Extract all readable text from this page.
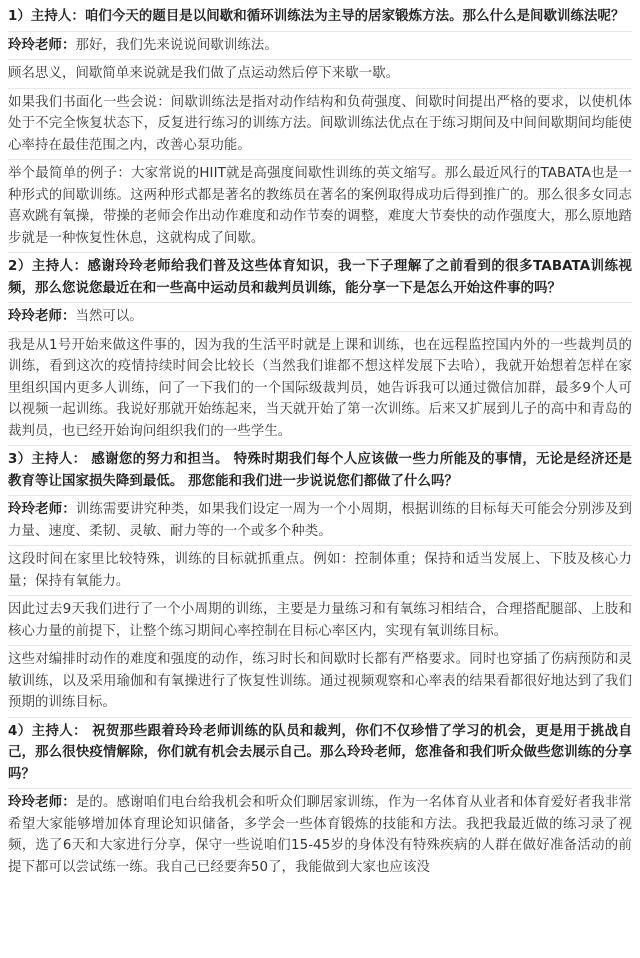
1）主持人：咱们今天的题目是以间歇和循环训练法为主导的居家锻炼方法。那么什么是间歇训练法呢？

玲玲老师：那好，我们先来说说间歇训练法。

顾名思义，间歇简单来说就是我们做了点运动然后停下来歇一歇。

如果我们书面化一些会说：间歇训练法是指对动作结构和负荷强度、间歇时间提出严格的要求，以使机体处于不完全恢复状态下，反复进行练习的训练方法。间歇训练法优点在于练习期间及中间间歇期间均能使心率持在最佳范围之内，改善心泵功能。

举个最简单的例子：大家常说的HIIT就是高强度间歇性训练的英文缩写。那么最近风行的TABATA也是一种形式的间歇训练。这两种形式都是著名的教练员在著名的案例取得成功后得到推广的。那么很多女同志喜欢跳有氧操，带操的老师会作出动作难度和动作节奏的调整，难度大节奏快的动作强度大，那么原地踏步就是一种恢复性休息，这就构成了间歇。

2）主持人：感谢玲玲老师给我们普及这些体育知识，我一下子理解了之前看到的很多TABATA训练视频，那么您说您最近在和一些高中运动员和裁判员训练，能分享一下是怎么开始这件事的吗？

玲玲老师：当然可以。

我是从1号开始来做这件事的，因为我的生活平时就是上课和训练，也在远程监控国内外的一些裁判员的训练，看到这次的疫情持续时间会比较长（当然我们谁都不想这样发展下去哈），我就开始想着怎样在家里组织国内更多人训练，问了一下我们的一个国际级裁判员，她告诉我可以通过微信加群，最多9个人可以视频一起训练。我说好那就开始练起来，当天就开始了第一次训练。后来又扩展到儿子的高中和青岛的裁判员，也已经开始询问组织我们的一些学生。

3）主持人： 感谢您的努力和担当。 特殊时期我们每个人应该做一些力所能及的事情，无论是经济还是教育等让国家损失降到最低。 那您能和我们进一步说说您们都做了什么吗？

玲玲老师：训练需要讲究种类，如果我们设定一周为一个小周期，根据训练的目标每天可能会分别涉及到力量、速度、柔韧、灵敏、耐力等的一个或多个种类。

这段时间在家里比较特殊，训练的目标就抓重点。例如：控制体重；保持和适当发展上、下肢及核心力量；保持有氧能力。

因此过去9天我们进行了一个小周期的训练，主要是力量练习和有氧练习相结合，合理搭配腿部、上肢和核心力量的前提下，让整个练习期间心率控制在目标心率区内，实现有氧训练目标。

这些对编排时动作的难度和强度的动作，练习时长和间歇时长都有严格要求。同时也穿插了伤病预防和灵敏训练，以及采用瑜伽和有氧操进行了恢复性训练。通过视频观察和心率表的结果看都很好地达到了我们预期的训练目标。

4）主持人： 祝贺那些跟着玲玲老师训练的队员和裁判，你们不仅珍惜了学习的机会，更是用于挑战自己，那么很快疫情解除，你们就有机会去展示自己。那么玲玲老师，您准备和我们听众做些您训练的分享吗？

玲玲老师：是的。感谢咱们电台给我机会和听众们聊居家训练，作为一名体育从业者和体育爱好者我非常希望大家能够增加体育理论知识储备，多学会一些体育锻炼的技能和方法。我把我最近做的练习录了视频，选了6天和大家进行分享，保守一些说咱们15-45岁的身体没有特殊疾病的人群在做好准备活动的前提下都可以尝试练一练。我自己已经要奔50了，我能做到大家也应该没
